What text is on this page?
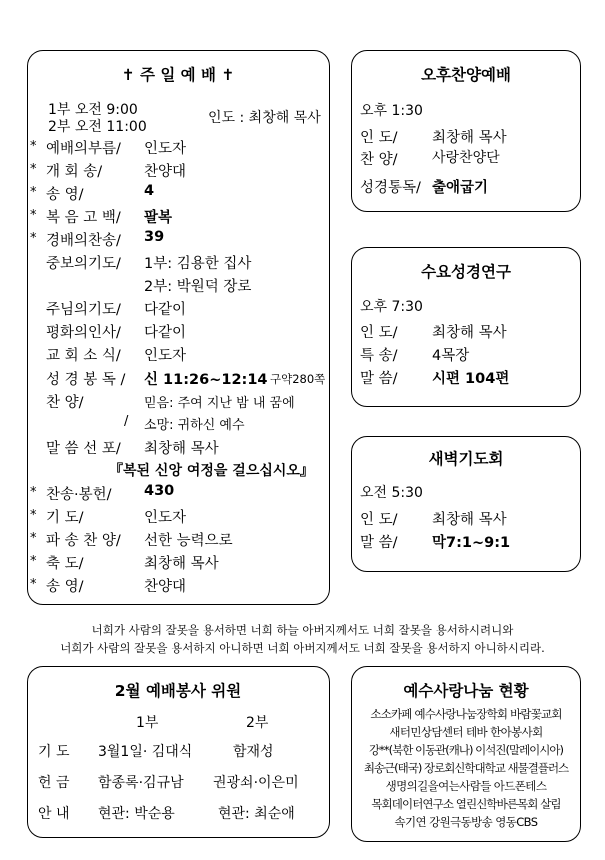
✝ 주 일 예 배 ✝
1부 오전 9:00
2부 오전 11:00
인도 : 최창해 목사
* 예배의부름/ 인도자
* 개 회 송/	찬양대
* 송 영/	4
* 복 음 고 백/ 팔복
* 경배의찬송/ 39
중보의기도/ 1부: 김용한 집사
2부: 박원덕 장로
주님의기도/ 다같이
평화의인사/ 다같이
교 회 소 식/ 인도자
성 경 봉 독 / 신 11:26~12:14 구약280쪽
찬 양/	믿음: 주여 지난 밤 내 꿈에
/ 소망: 귀하신 예수
말 씀 선 포/ 최창해 목사
『복된 신앙 여정을 걸으십시오』
* 찬송·봉헌/ 430
* 기 도/	인도자
* 파 송 찬 양/ 선한 능력으로
* 축 도/	최창해 목사
* 송 영/	찬양대
오후찬양예배
오후 1:30
인 도/ 최창해 목사
찬 양/ 사랑찬양단
성경통독/ 출애굽기
수요성경연구
오후 7:30
인 도/ 최창해 목사
특 송/ 4목장
말 씀/ 시편 104편
새벽기도회
오전 5:30
인 도/ 최창해 목사
말 씀/ 막7:1~9:1
너희가 사람의 잘못을 용서하면 너희 하늘 아버지께서도 너희 잘못을 용서하시려니와
너희가 사람의 잘못을 용서하지 아니하면 너희 아버지께서도 너희 잘못을 용서하지 아니하시리라.
2월 예배봉사 위원
1부	2부
기 도 3월1일· 김대식	함재성
헌 금 함종록·김규남 권광쇠·이은미
안 내 현관: 박순용	현관: 최순애
예수사랑나눔 현황
소소카페 예수사랑나눔장학회 바람꽃교회
새터민상담센터 테바 한아봉사회
강**(북한 이동관(캐나) 이석진(말레이시아)
최송근(태국) 장로회신학대학교 새물결플러스
생명의길을여는사람들 아드폰테스
목회데이터연구소 열린신학바른목회 살림
속기연 강원극동방송 영동CBS
